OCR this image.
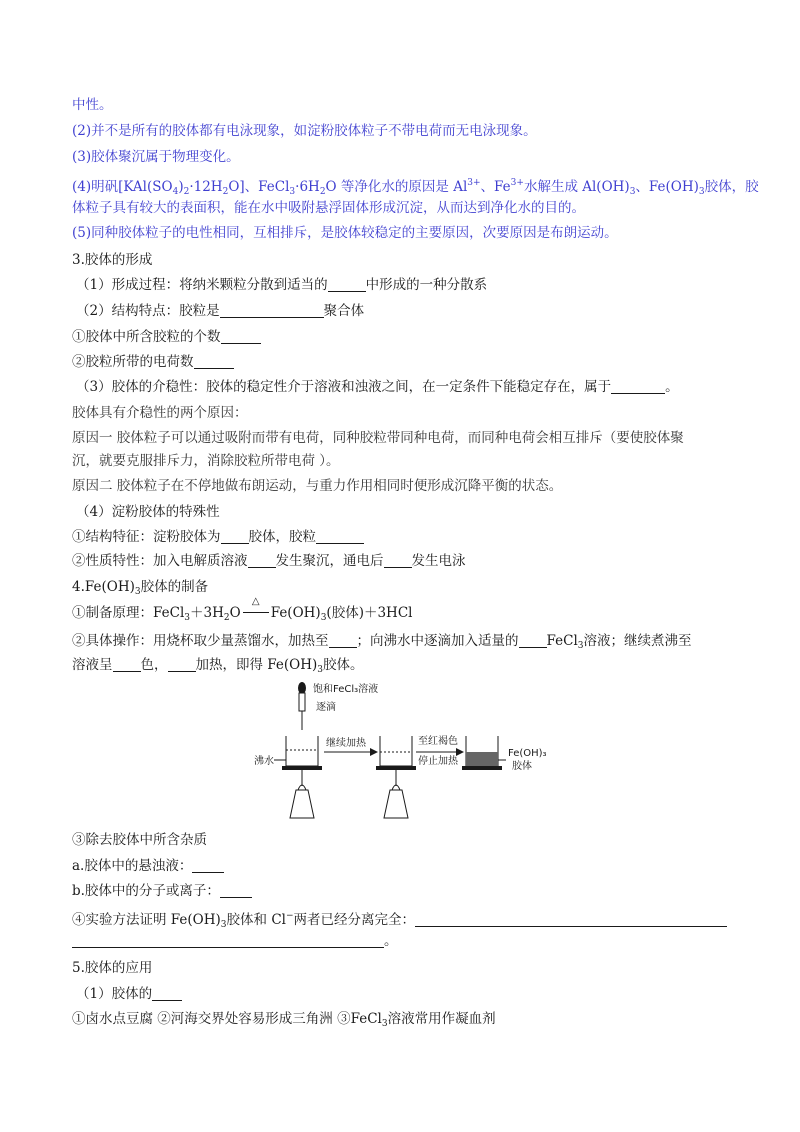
中性。
(2)并不是所有的胶体都有电泳现象，如淀粉胶体粒子不带电荷而无电泳现象。
(3)胶体聚沉属于物理变化。
(4)明矾$[KAl(SO_4)_2\cdot 12H_2O]$、$FeCl_3\cdot 6H_2O$ 等净化水的原因是 $Al^{3+}$、$Fe^{3+}$水解生成 $Al(OH)_3$、$Fe(OH)_3$胶体，胶
体粒子具有较大的表面积，能在水中吸附悬浮固体形成沉淀，从而达到净化水的目的。
(5)同种胶体粒子的电性相同，互相排斥，是胶体较稳定的主要原因，次要原因是布朗运动。
3.胶体的形成
（1）形成过程：将纳米颗粒分散到适当的	中形成的一种分散系
（2）结构特点：胶粒是	聚合体
①胶体中所含胶粒的个数
②胶粒所带的电荷数
（3）胶体的介稳性：胶体的稳定性介于溶液和浊液之间，在一定条件下能稳定存在，属于	。
胶体具有介稳性的两个原因：
原因一 胶体粒子可以通过吸附而带有电荷，同种胶粒带同种电荷，而同种电荷会相互排斥（要使胶体聚
沉，就要克服排斥力，消除胶粒所带电荷 ）。
原因二 胶体粒子在不停地做布朗运动，与重力作用相同时便形成沉降平衡的状态。
（4）淀粉胶体的特殊性
①结构特征：淀粉胶体为 胶体，胶粒
②性质特性：加入电解质溶液 发生聚沉，通电后 发生电泳
$4.Fe(OH)_3$胶体的制备
①制备原理：$FeCl_3+3H_2O$
△
$Fe(OH)_3$(胶体)＋3HCl
②具体操作：用烧杯取少量蒸馏水，加热至 ；向沸水中逐滴加入适量的 FeCl$_3$溶液；继续煮沸至
溶液呈 色， 加热，即得 $Fe(OH)_3$胶体。
饱和FeCl₃溶液
逐滴
沸水
继续加热	至红褐色
停止加热
Fe(OH)₃
胶体
③除去胶体中所含杂质
a.胶体中的悬浊液：
b.胶体中的分子或离子：
④实验方法证明 $Fe(OH)_3$胶体和 Cl−两者已经分离完全：
。
5.胶体的应用
（1）胶体的
①卤水点豆腐 ②河海交界处容易形成三角洲 ③FeCl$_3$溶液常用作凝血剂
